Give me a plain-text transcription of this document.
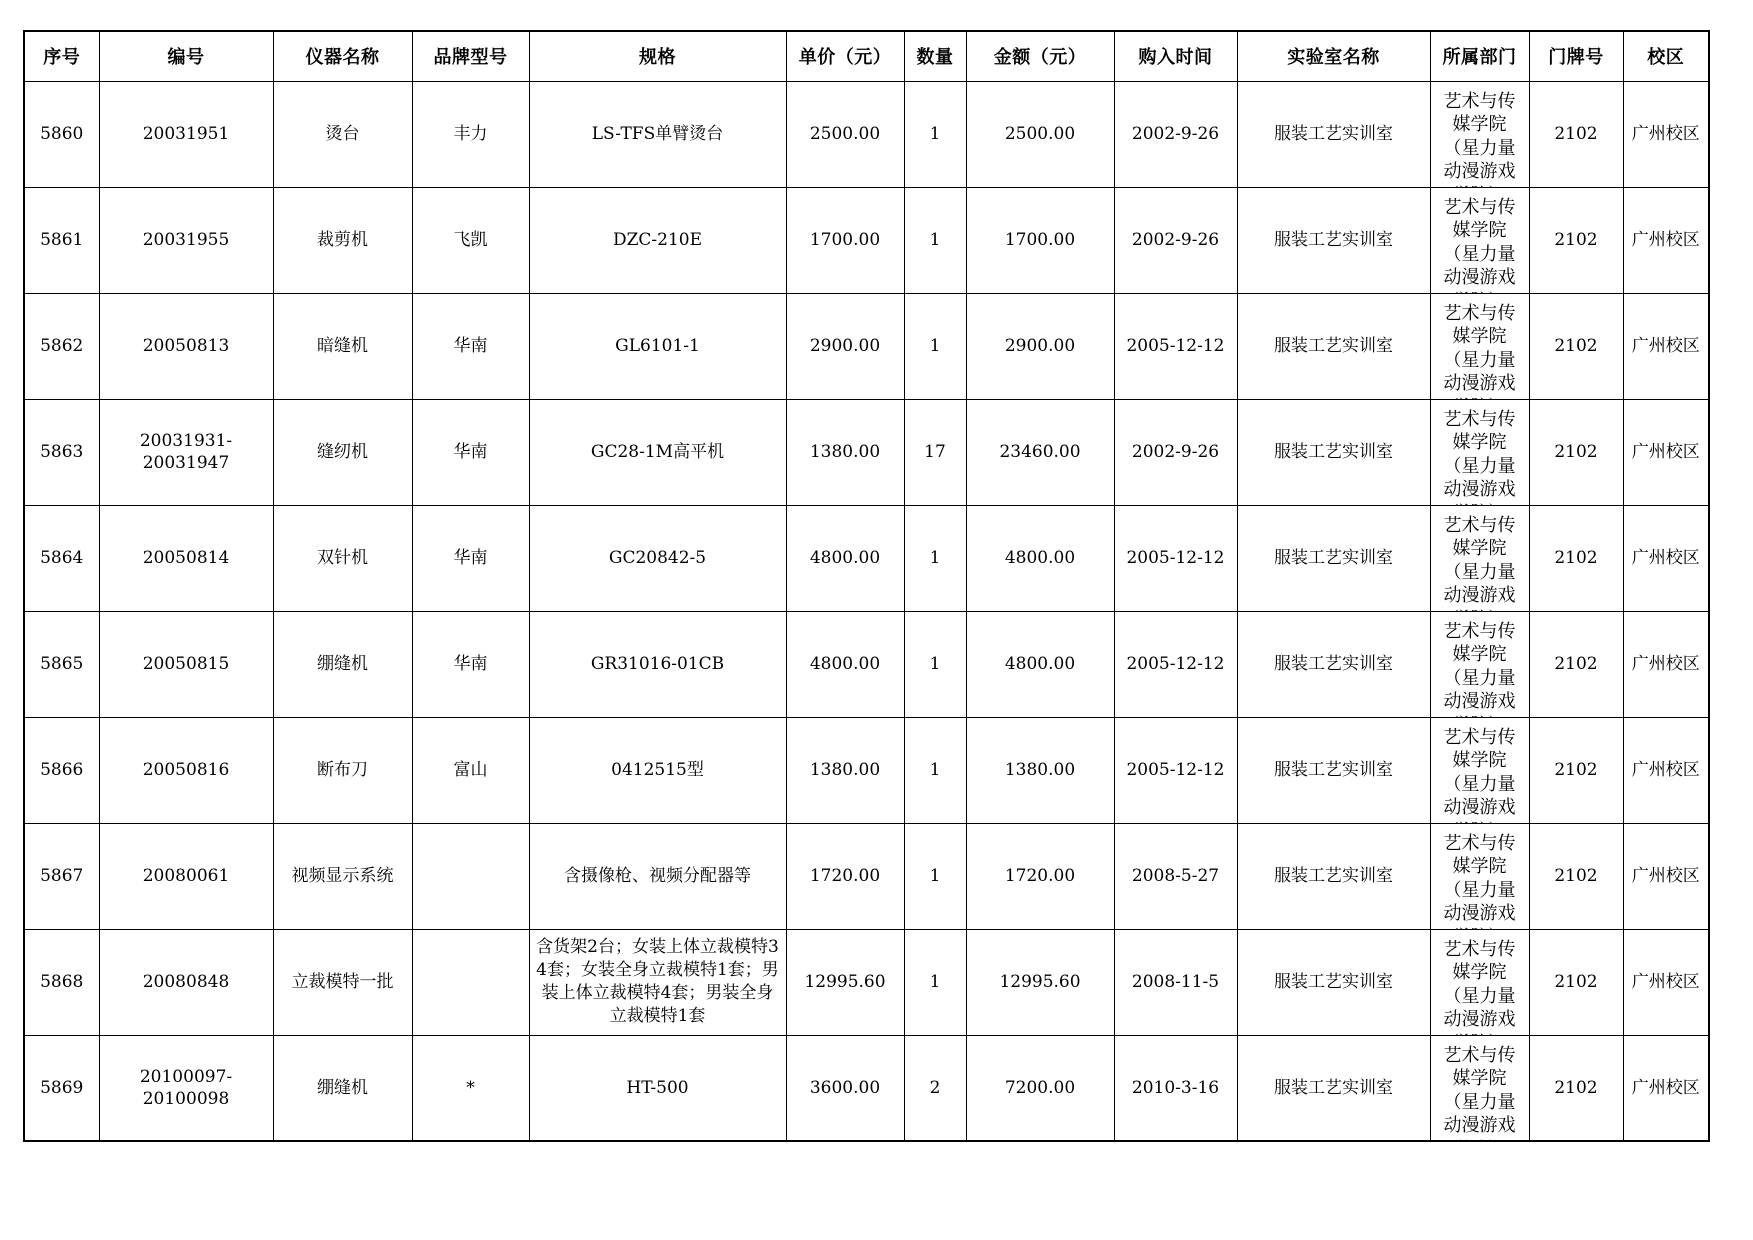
序号	编号	仪器名称	品牌型号	规格	单价（元）	数量	金额（元）	购入时间	实验室名称	所属部门	门牌号	校区
5860	20031951	烫台	丰力	LS-TFS单臂烫台	2500.00	1	2500.00	2002-9-26	服装工艺实训室	艺术与传媒学院（星力量动漫游戏	2102	广州校区
5861	20031955	裁剪机	飞凯	DZC-210E	1700.00	1	1700.00	2002-9-26	服装工艺实训室	艺术与传媒学院（星力量动漫游戏	2102	广州校区
5862	20050813	暗缝机	华南	GL6101-1	2900.00	1	2900.00	2005-12-12	服装工艺实训室	艺术与传媒学院（星力量动漫游戏	2102	广州校区
5863	20031931-20031947	缝纫机	华南	GC28-1M高平机	1380.00	17	23460.00	2002-9-26	服装工艺实训室	艺术与传媒学院（星力量动漫游戏	2102	广州校区
5864	20050814	双针机	华南	GC20842-5	4800.00	1	4800.00	2005-12-12	服装工艺实训室	艺术与传媒学院（星力量动漫游戏	2102	广州校区
5865	20050815	绷缝机	华南	GR31016-01CB	4800.00	1	4800.00	2005-12-12	服装工艺实训室	艺术与传媒学院（星力量动漫游戏	2102	广州校区
5866	20050816	断布刀	富山	0412515型	1380.00	1	1380.00	2005-12-12	服装工艺实训室	艺术与传媒学院（星力量动漫游戏	2102	广州校区
5867	20080061	视频显示系统		含摄像枪、视频分配器等	1720.00	1	1720.00	2008-5-27	服装工艺实训室	艺术与传媒学院（星力量动漫游戏	2102	广州校区
5868	20080848	立裁模特一批		含货架2台；女装上体立裁模特34套；女装全身立裁模特1套；男装上体立裁模特4套；男装全身立裁模特1套	12995.60	1	12995.60	2008-11-5	服装工艺实训室	艺术与传媒学院（星力量动漫游戏	2102	广州校区
5869	20100097-20100098	绷缝机	*	HT-500	3600.00	2	7200.00	2010-3-16	服装工艺实训室	艺术与传媒学院（星力量动漫游戏	2102	广州校区
